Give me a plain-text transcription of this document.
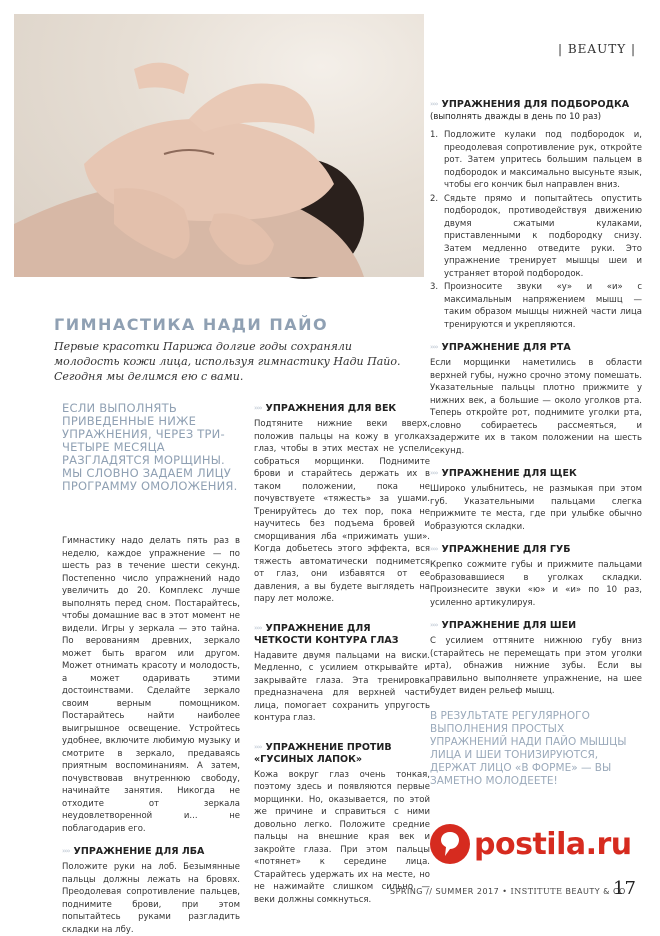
| BEAUTY |
›››› УПРАЖНЕНИЯ ДЛЯ ПОДБОРОДКА
(выполнять дважды в день по 10 раз)
1. Подложите кулаки под подбородок и, преодолевая сопротивление рук, откройте рот. Затем упритесь большим пальцем в подбородок и максимально высуньте язык, чтобы его кончик был направлен вниз.
2. Сядьте прямо и попытайтесь опустить подбородок, противодействуя движению двумя сжатыми кулаками, приставленными к подбородку снизу. Затем медленно отведите руки. Это упражнение тренирует мышцы шеи и устраняет второй подбородок.
3. Произносите звуки «у» и «и» с максимальным напряжением мышц — таким образом мышцы нижней части лица тренируются и укрепляются.
›››› УПРАЖНЕНИЕ ДЛЯ РТА

Если морщинки наметились в области верхней губы, нужно срочно этому помешать. Указательные пальцы плотно прижмите у нижних век, а большие — около уголков рта. Теперь откройте рот, поднимите уголки рта, словно собираетесь рассмеяться, и задержите их в таком положении на шесть секунд.

›››› УПРАЖНЕНИЕ ДЛЯ ЩЕК

Широко улыбнитесь, не размыкая при этом губ. Указательными пальцами слегка прижмите те места, где при улыбке обычно образуются складки.

›››› УПРАЖНЕНИЕ ДЛЯ ГУБ

Крепко сожмите губы и прижмите пальцами образовавшиеся в уголках складки. Произнесите звуки «ю» и «и» по 10 раз, усиленно артикулируя.

›››› УПРАЖНЕНИЕ ДЛЯ ШЕИ

С усилием оттяните нижнюю губу вниз (старайтесь не перемещать при этом уголки рта), обнажив нижние зубы. Если вы правильно выполняете упражнение, на шее будет виден рельеф мышц.

В РЕЗУЛЬТАТЕ РЕГУЛЯРНОГО ВЫПОЛНЕНИЯ ПРОСТЫХ УПРАЖНЕНИЙ НАДИ ПАЙО МЫШЦЫ ЛИЦА И ШЕИ ТОНИЗИРУЮТСЯ, ДЕРЖАТ ЛИЦО «В ФОРМЕ» — ВЫ ЗАМЕТНО МОЛОДЕЕТЕ!

ГИМНАСТИКА НАДИ ПАЙО

Первые красотки Парижа долгие годы сохраняли молодость кожи лица, используя гимнастику Нади Пайо. Сегодня мы делимся ею с вами.

ЕСЛИ ВЫПОЛНЯТЬ ПРИВЕДЕННЫЕ НИЖЕ УПРАЖНЕНИЯ, ЧЕРЕЗ ТРИ-ЧЕТЫРЕ МЕСЯЦА РАЗГЛАДЯТСЯ МОРЩИНЫ. МЫ СЛОВНО ЗАДАЕМ ЛИЦУ ПРОГРАММУ ОМОЛОЖЕНИЯ.

Гимнастику надо делать пять раз в неделю, каждое упражнение — по шесть раз в течение шести секунд. Постепенно число упражнений надо увеличить до 20. Комплекс лучше выполнять перед сном. Постарайтесь, чтобы домашние вас в этот момент не видели. Игры у зеркала — это тайна. По верованиям древних, зеркало может быть врагом или другом. Может отнимать красоту и молодость, а может одаривать этими достоинствами. Сделайте зеркало своим верным помощником. Постарайтесь найти наиболее выигрышное освещение. Устройтесь удобнее, включите любимую музыку и смотрите в зеркало, предаваясь приятным воспоминаниям. А затем, почувствовав внутреннюю свободу, начинайте занятия. Никогда не отходите от зеркала неудовлетворенной и... не поблагодарив его.

›››› УПРАЖНЕНИЕ ДЛЯ ЛБА

Положите руки на лоб. Безымянные пальцы должны лежать на бровях. Преодолевая сопротивление пальцев, поднимите брови, при этом попытайтесь руками разгладить складки на лбу.

›››› УПРАЖНЕНИЯ ДЛЯ ВЕК

Подтяните нижние веки вверх, положив пальцы на кожу в уголках глаз, чтобы в этих местах не успели собраться морщинки. Поднимите брови и старайтесь держать их в таком положении, пока не почувствуете «тяжесть» за ушами. Тренируйтесь до тех пор, пока не научитесь без подъема бровей и сморщивания лба «прижимать уши». Когда добьетесь этого эффекта, вся тяжесть автоматически поднимется от глаз, они избавятся от ее давления, а вы будете выглядеть на пару лет моложе.

›››› УПРАЖНЕНИЕ ДЛЯ ЧЕТКОСТИ КОНТУРА ГЛАЗ

Надавите двумя пальцами на виски. Медленно, с усилием открывайте и закрывайте глаза. Эта тренировка предназначена для верхней части лица, помогает сохранить упругость контура глаз.

›››› УПРАЖНЕНИЕ ПРОТИВ «ГУСИНЫХ ЛАПОК»

Кожа вокруг глаз очень тонкая, поэтому здесь и появляются первые морщинки. Но, оказывается, по этой же причине и справиться с ними довольно легко. Положите средние пальцы на внешние края век и закройте глаза. При этом пальцы «потянет» к середине лица. Старайтесь удержать их на месте, но не нажимайте слишком сильно — веки должны сомкнуться.

postila.ru
SPRING // SUMMER 2017 • INSTITUTE BEAUTY & CO
17
